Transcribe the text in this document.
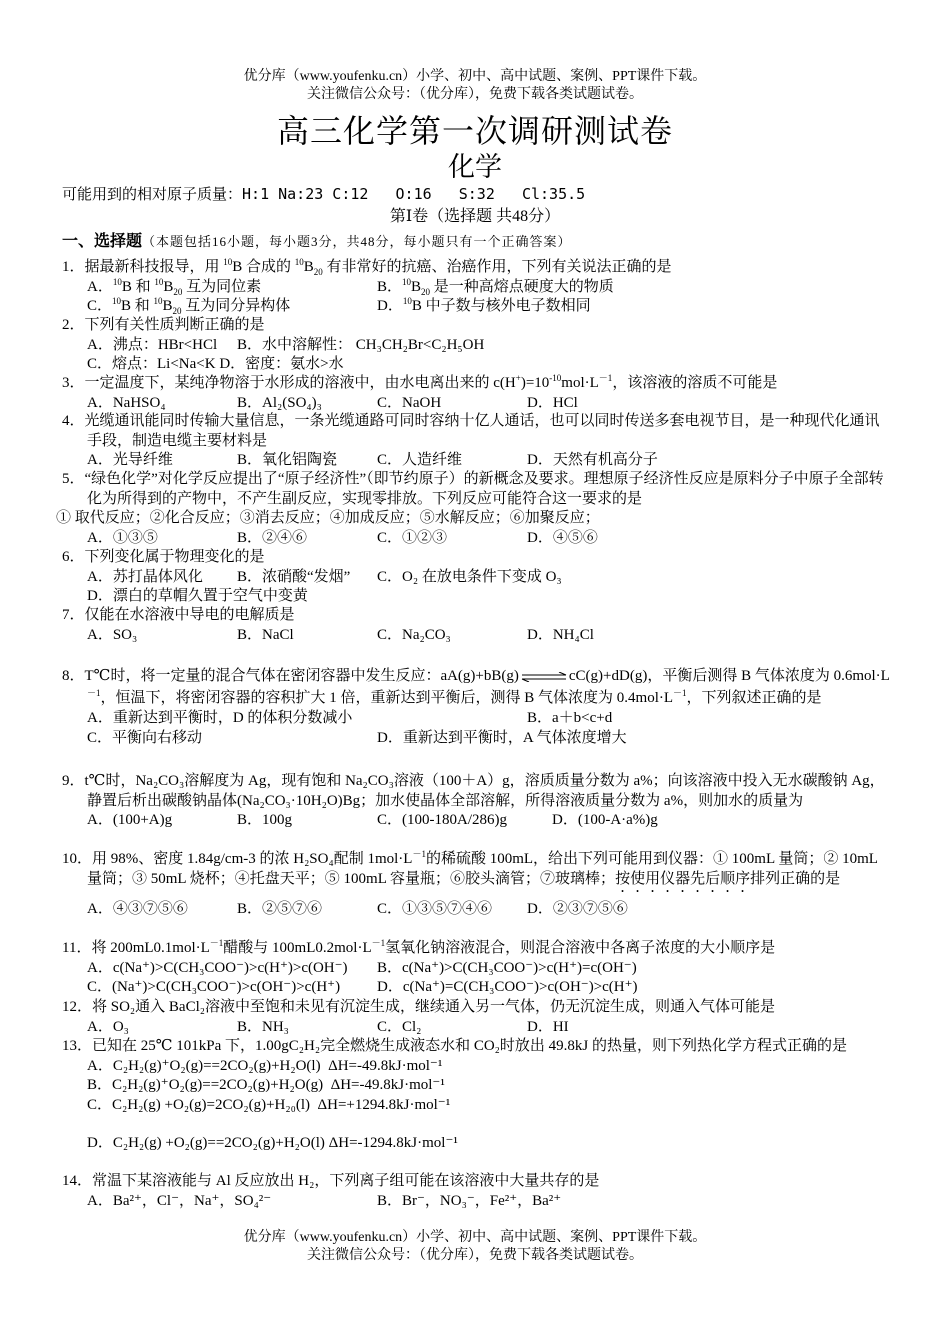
优分库（www.youfenku.cn）小学、初中、高中试题、案例、PPT课件下载。
关注微信公众号：（优分库），免费下载各类试题试卷。
高三化学第一次调研测试卷
化学
可能用到的相对原子质量：H:1 Na:23 C:12   O:16   S:32   Cl:35.5
第Ⅰ卷（选择题 共48分）
一、选择题（本题包括16小题，每小题3分，共48分，每小题只有一个正确答案）
1．据最新科技报导，用 $^{10}$B 合成的 $^{10}B_{20}$ 有非常好的抗癌、治癌作用，下列有关说法正确的是
A．$^{10}$B 和 $^{10}B_{20}$ 互为同位素	B．$^{10}B_{20}$ 是一种高熔点硬度大的物质
C．$^{10}$B 和 $^{10}B_{20}$ 互为同分异构体	D．$^{10}$B 中子数与核外电子数相同
2．下列有关性质判断正确的是
A．沸点：HBr<HCl B．水中溶解性： CH₃CH₂Br<C₂H₅OH
C．熔点：Li<Na<K D．密度：氨水>水
3．一定温度下，某纯净物溶于水形成的溶液中，由水电离出来的 $c(H^+)=10^{-10}mol\cdot L^{-1}$，该溶液的溶质不可能是
A．NaHSO₄	B．Al₂(SO₄)₃	C．NaOH	D．HCl
4．光缆通讯能同时传输大量信息，一条光缆通路可同时容纳十亿人通话，也可以同时传送多套电视节目，是一种现代化通讯手段，制造电缆主要材料是
A．光导纤维	B．氧化铝陶瓷	C．人造纤维	D．天然有机高分子
5．“绿色化学”对化学反应提出了“原子经济性”（即节约原子）的新概念及要求。理想原子经济性反应是原料分子中原子全部转化为所得到的产物中，不产生副反应，实现零排放。下列反应可能符合这一要求的是
① 取代反应；②化合反应；③消去反应；④加成反应；⑤水解反应；⑥加聚反应；
A．①③⑤	B．②④⑥	C．①②③	D．④⑤⑥
6．下列变化属于物理变化的是
A．苏打晶体风化 B．浓硝酸“发烟” C．O₂ 在放电条件下变成 O₃
D．漂白的草帽久置于空气中变黄
7．仅能在水溶液中导电的电解质是
A．SO₃	B．NaCl	C．Na₂CO₃	D．NH₄Cl
8．T℃时，将一定量的混合气体在密闭容器中发生反应：aA(g)+bB(g) ⇌ cC(g)+dD(g)，平衡后测得 B 气体浓度为 $0.6mol\cdot L^{-1}$，恒温下，将密闭容器的容积扩大 1 倍，重新达到平衡后，测得 B 气体浓度为 $0.4mol\cdot L^{-1}$，下列叙述正确的是
A．重新达到平衡时，D 的体积分数减小	B．a＋b<c+d
C．平衡向右移动	D．重新达到平衡时，A 气体浓度增大
9．t℃时，Na₂CO₃溶解度为 Ag，现有饱和 Na₂CO₃溶液（100＋A）g，溶质质量分数为 a%；向该溶液中投入无水碳酸钠 Ag，静置后析出碳酸钠晶体(Na₂CO₃·10H₂O)Bg；加水使晶体全部溶解，所得溶液质量分数为 a%，则加水的质量为
A．(100+A)g	B．100g	C．(100-180A/286)g	D．(100-A·a%)g
10．用 98%、密度 1.84g/cm-3 的浓 H₂SO₄配制 $1mol\cdot L^{-1}$的稀硫酸 100mL，给出下列可能用到仪器：① 100mL 量筒；② 10mL 量筒；③ 50mL 烧杯；④托盘天平；⑤ 100mL 容量瓶；⑥胶头滴管；⑦玻璃棒；按使用仪器先后顺序排列正确的是
A．④③⑦⑤⑥	B．②⑤⑦⑥	C．①③⑤⑦④⑥ D．②③⑦⑤⑥
11．将 $200mL0.1mol\cdot L^{-1}$醋酸与 $100mL0.2mol\cdot L^{-1}$氢氧化钠溶液混合，则混合溶液中各离子浓度的大小顺序是
A．c(Na⁺)>C(CH₃COO⁻)>c(H⁺)>c(OH⁻) B．c(Na⁺)>C(CH₃COO⁻)>c(H⁺)=c(OH⁻)
C．(Na⁺)>C(CH₃COO⁻)>c(OH⁻)>c(H⁺) D．c(Na⁺)=C(CH₃COO⁻)>c(OH⁻)>c(H⁺)
12．将 SO₂通入 BaCl₂溶液中至饱和未见有沉淀生成，继续通入另一气体，仍无沉淀生成，则通入气体可能是
A．O₃	B．NH₃	C．Cl₂	D．HI
13．已知在 25℃ 101kPa 下，1.00gC₂H₂完全燃烧生成液态水和 CO₂时放出 49.8kJ 的热量，则下列热化学方程式正确的是
A．C₂H₂(g)⁺O₂(g)==2CO₂(g)+H₂O(l)  ΔH=-49.8kJ·mol⁻¹
B．C₂H₂(g)⁺O₂(g)==2CO₂(g)+H₂O(g)  ΔH=-49.8kJ·mol⁻¹
C．C₂H₂(g) +O₂(g)=2CO₂(g)+H₂₀(l)  ΔH=+1294.8kJ·mol⁻¹
D．C₂H₂(g) +O₂(g)==2CO₂(g)+H₂O(l) ΔH=-1294.8kJ·mol⁻¹
14．常温下某溶液能与 Al 反应放出 H₂，下列离子组可能在该溶液中大量共存的是
A．Ba²⁺，Cl⁻，Na⁺，SO₄²⁻	B．Br⁻，NO₃⁻，Fe²⁺，Ba²⁺
优分库（www.youfenku.cn）小学、初中、高中试题、案例、PPT课件下载。
关注微信公众号：（优分库），免费下载各类试题试卷。
